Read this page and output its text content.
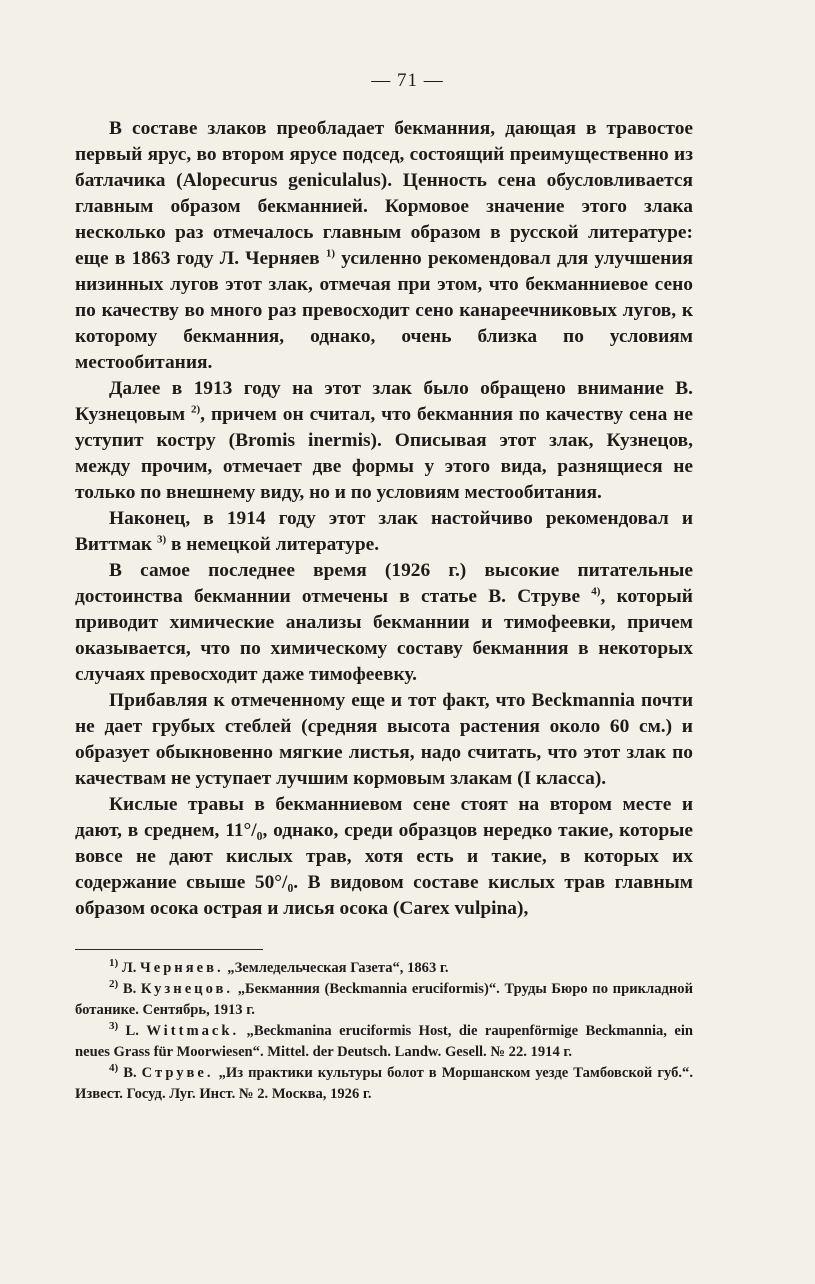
— 71 —

В составе злаков преобладает бекманния, дающая в травостое первый ярус, во втором ярусе подсед, состоящий преимущественно из батлачика (Alopecurus geniculalus). Ценность сена обусловливается главным образом бекманнией. Кормовое значение этого злака несколько раз отмечалось главным образом в русской литературе: еще в 1863 году Л. Черняев $^{1)}$ усиленно рекомендовал для улучшения низинных лугов этот злак, отмечая при этом, что бекманниевое сено по качеству во много раз превосходит сено канареечниковых лугов, к которому бекманния, однако, очень близка по условиям местообитания.

Далее в 1913 году на этот злак было обращено внимание В. Кузнецовым $^{2)}$, причем он считал, что бекманния по качеству сена не уступит костру (Bromis inermis). Описывая этот злак, Кузнецов, между прочим, отмечает две формы у этого вида, разнящиеся не только по внешнему виду, но и по условиям местообитания.

Наконец, в 1914 году этот злак настойчиво рекомендовал и Виттмак $^{3)}$ в немецкой литературе.

В самое последнее время (1926 г.) высокие питательные достоинства бекманнии отмечены в статье В. Струве $^{4)}$, который приводит химические анализы бекманнии и тимофеевки, причем оказывается, что по химическому составу бекманния в некоторых случаях превосходит даже тимофеевку.

Прибавляя к отмеченному еще и тот факт, что Beckmannia почти не дает грубых стеблей (средняя высота растения около 60 см.) и образует обыкновенно мягкие листья, надо считать, что этот злак по качествам не уступает лучшим кормовым злакам (I класса).

Кислые травы в бекманниевом сене стоят на втором месте и дают, в среднем, 11°/₀, однако, среди образцов нередко такие, которые вовсе не дают кислых трав, хотя есть и такие, в которых их содержание свыше 50°/₀. В видовом составе кислых трав главным образом осока острая и лисья осока (Carex vulpina),

$^{1)}$ Л. Черняев. „Земледельческая Газета“, 1863 г.

$^{2)}$ В. Кузнецов. „Бекманния (Beckmannia eruciformis)“. Труды Бюро по прикладной ботанике. Сентябрь, 1913 г.

$^{3)}$ L. Wittmack. „Beckmanina eruciformis Host, die raupenförmige Beckmannia, ein neues Grass für Moorwiesen“. Mittel. der Deutsch. Landw. Gesell. № 22. 1914 г.

$^{4)}$ В. Струве. „Из практики культуры болот в Моршанском уезде Тамбовской губ.“. Извест. Госуд. Луг. Инст. № 2. Москва, 1926 г.
